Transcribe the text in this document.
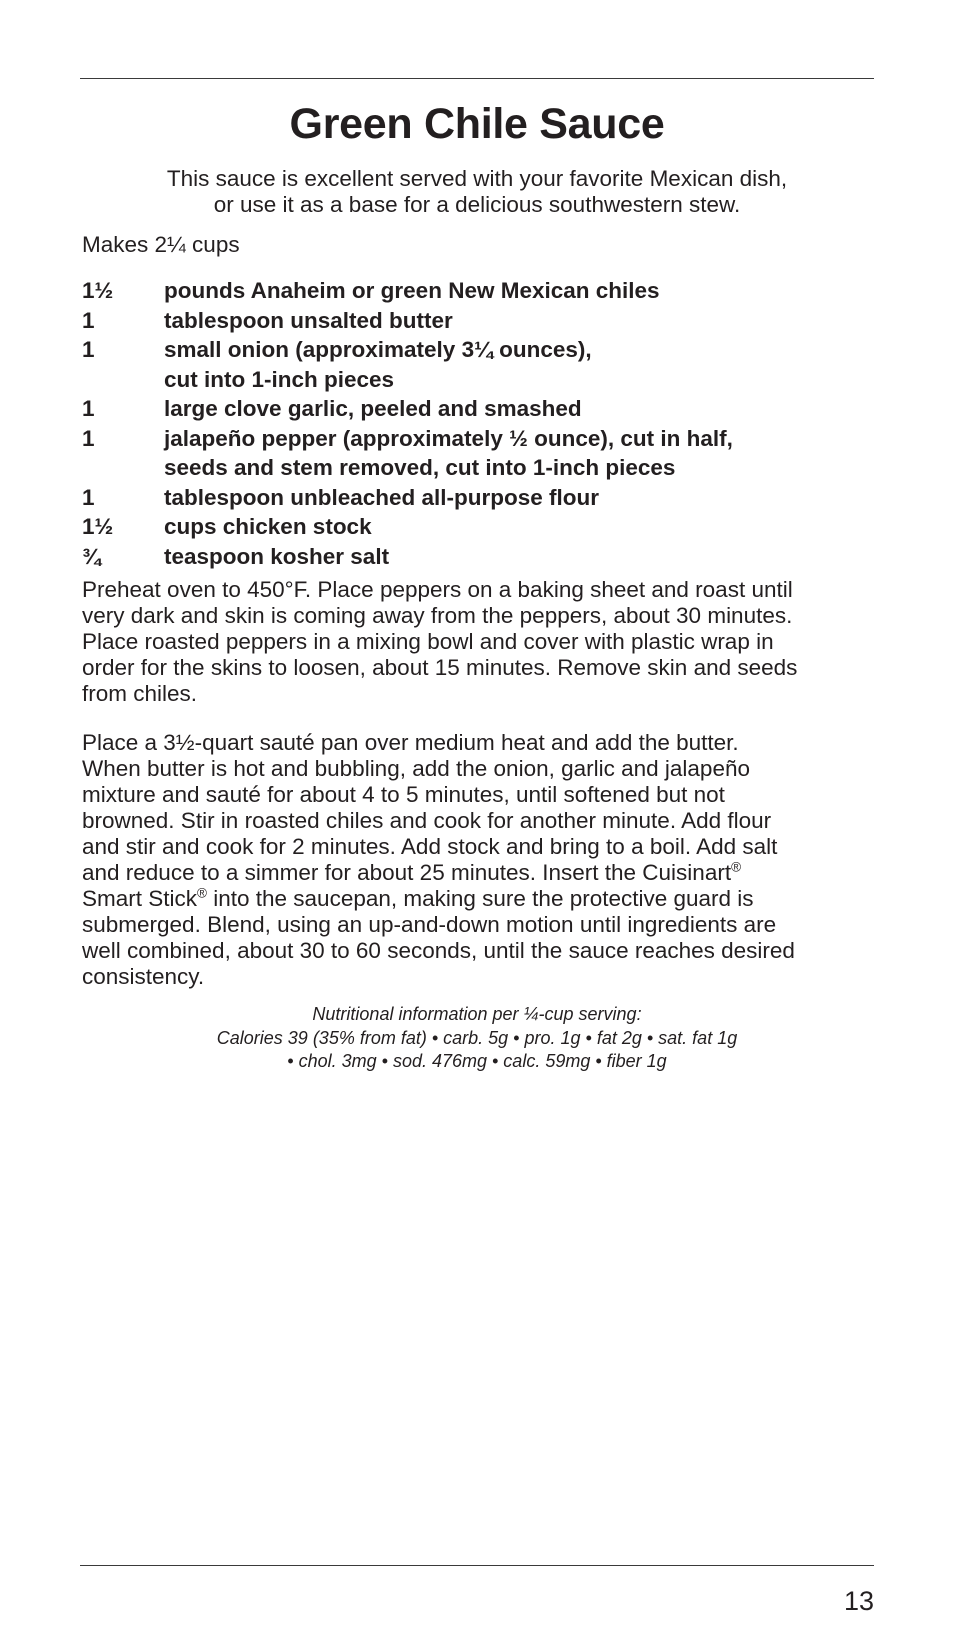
Green Chile Sauce
This sauce is excellent served with your favorite Mexican dish,
or use it as a base for a delicious southwestern stew.
Makes 2¼ cups
1½	pounds Anaheim or green New Mexican chiles
1	tablespoon unsalted butter
1	small onion (approximately 3¼ ounces),
cut into 1-inch pieces
1	large clove garlic, peeled and smashed
1	jalapeño pepper (approximately ½ ounce), cut in half,
seeds and stem removed, cut into 1-inch pieces
1	tablespoon unbleached all-purpose flour
1½	cups chicken stock
¾	teaspoon kosher salt
Preheat oven to 450°F. Place peppers on a baking sheet and roast until
very dark and skin is coming away from the peppers, about 30 minutes.
Place roasted peppers in a mixing bowl and cover with plastic wrap in
order for the skins to loosen, about 15 minutes. Remove skin and seeds
from chiles.
Place a 3½-quart sauté pan over medium heat and add the butter.
When butter is hot and bubbling, add the onion, garlic and jalapeño
mixture and sauté for about 4 to 5 minutes, until softened but not
browned. Stir in roasted chiles and cook for another minute. Add flour
and stir and cook for 2 minutes. Add stock and bring to a boil. Add salt
and reduce to a simmer for about 25 minutes. Insert the Cuisinart®
Smart Stick® into the saucepan, making sure the protective guard is
submerged. Blend, using an up-and-down motion until ingredients are
well combined, about 30 to 60 seconds, until the sauce reaches desired
consistency.
Nutritional information per ¼-cup serving:
Calories 39 (35% from fat) • carb. 5g • pro. 1g • fat 2g • sat. fat 1g
• chol. 3mg • sod. 476mg • calc. 59mg • fiber 1g
13
